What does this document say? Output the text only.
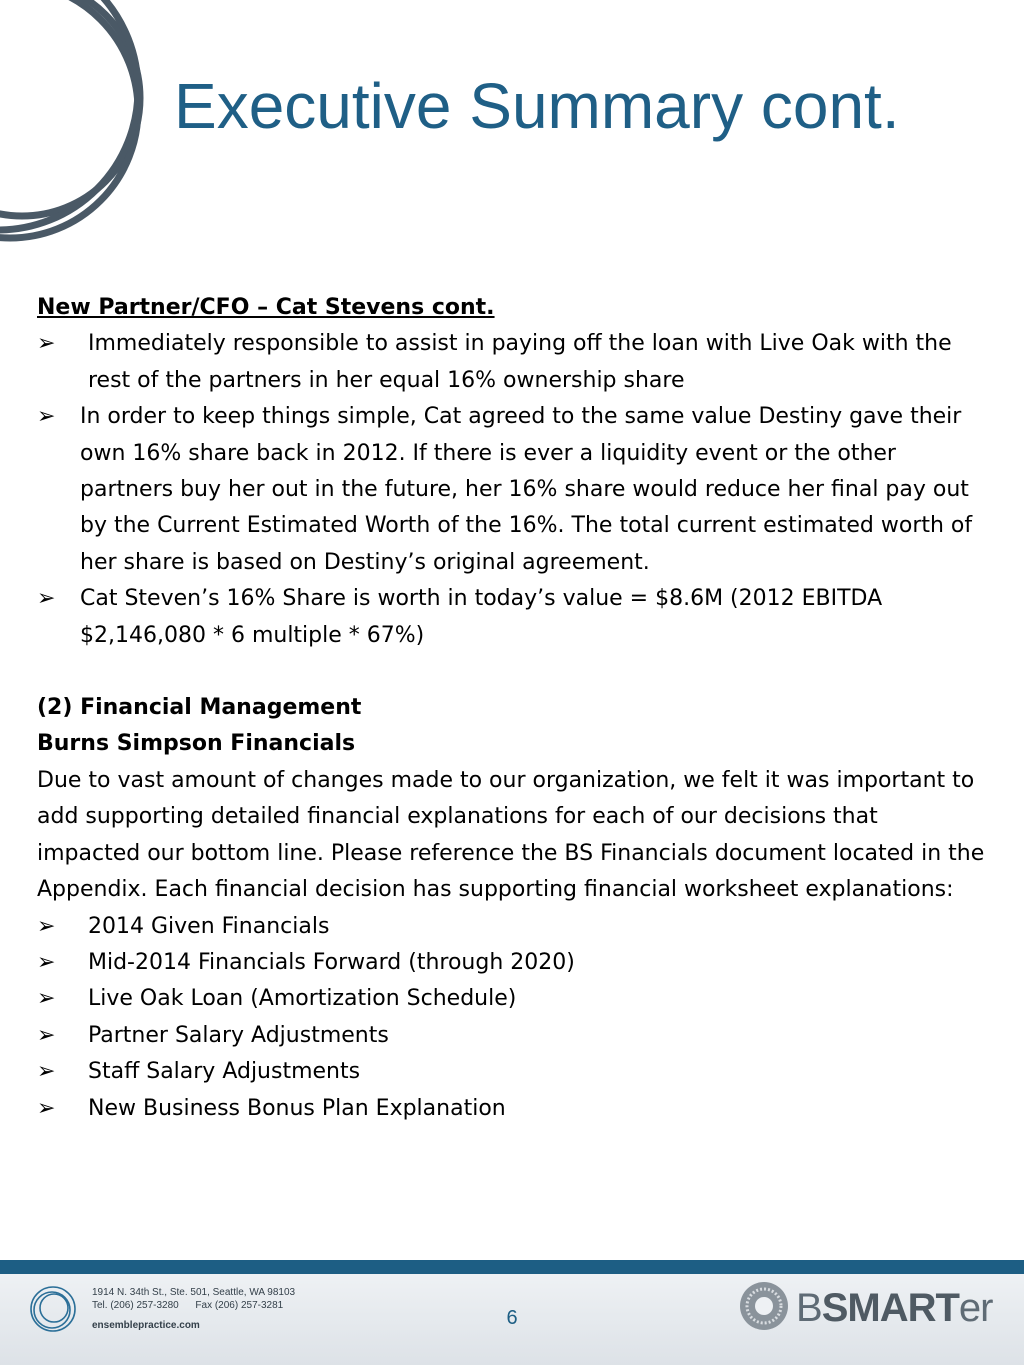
Executive Summary cont.

New Partner/CFO – Cat Stevens cont.

➢ Immediately responsible to assist in paying off the loan with Live Oak with the rest of the partners in her equal 16% ownership share
➢ In order to keep things simple, Cat agreed to the same value Destiny gave their own 16% share back in 2012. If there is ever a liquidity event or the other partners buy her out in the future, her 16% share would reduce her final pay out by the Current Estimated Worth of the 16%. The total current estimated worth of her share is based on Destiny’s original agreement.
➢ Cat Steven’s 16% Share is worth in today’s value = $8.6M (2012 EBITDA $2,146,080 * 6 multiple * 67%)

(2) Financial Management

Burns Simpson Financials

Due to vast amount of changes made to our organization, we felt it was important to add supporting detailed financial explanations for each of our decisions that impacted our bottom line. Please reference the BS Financials document located in the Appendix. Each financial decision has supporting financial worksheet explanations:

➢ 2014 Given Financials
➢ Mid-2014 Financials Forward (through 2020)
➢ Live Oak Loan (Amortization Schedule)
➢ Partner Salary Adjustments
➢ Staff Salary Adjustments
➢ New Business Bonus Plan Explanation
1914 N. 34th St., Ste. 501, Seattle, WA 98103
Tel. (206) 257-3280      Fax (206) 257-3281
ensemblepractice.com	6	BSMARTer
